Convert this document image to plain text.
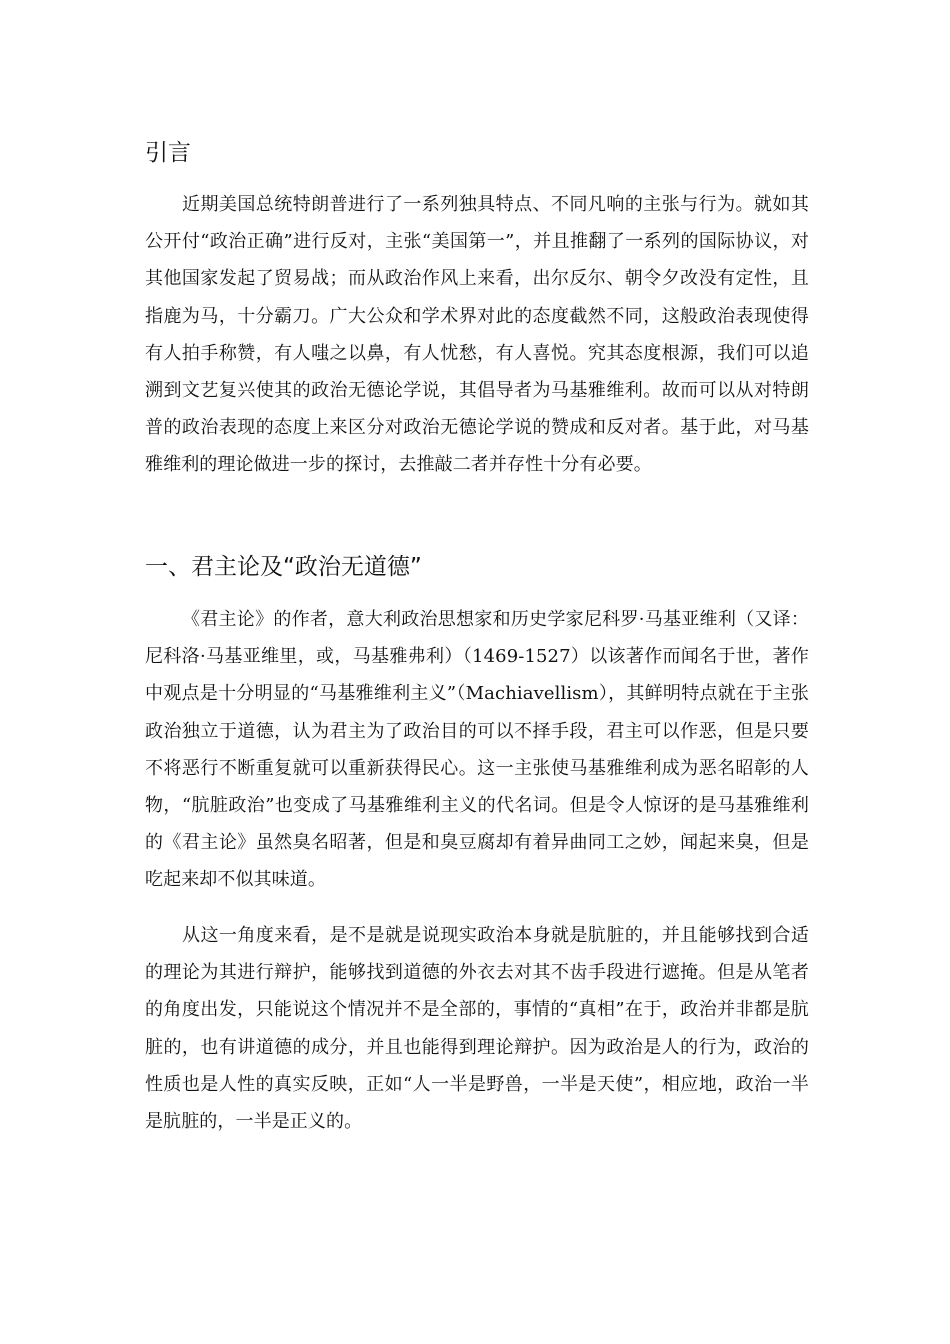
引言

近期美国总统特朗普进行了一系列独具特点、不同凡响的主张与行为。就如其公开付“政治正确”进行反对，主张“美国第一”，并且推翻了一系列的国际协议，对其他国家发起了贸易战；而从政治作风上来看，出尔反尔、朝令夕改没有定性，且指鹿为马，十分霸刀。广大公众和学术界对此的态度截然不同，这般政治表现使得有人拍手称赞，有人嗤之以鼻，有人忧愁，有人喜悦。究其态度根源，我们可以追溯到文艺复兴使其的政治无德论学说，其倡导者为马基雅维利。故而可以从对特朗普的政治表现的态度上来区分对政治无德论学说的赞成和反对者。基于此，对马基雅维利的理论做进一步的探讨，去推敲二者并存性十分有必要。

一、君主论及“政治无道德”

《君主论》的作者，意大利政治思想家和历史学家尼科罗·马基亚维利（又译：尼科洛·马基亚维里，或，马基雅弗利）（1469-1527）以该著作而闻名于世，著作中观点是十分明显的“马基雅维利主义”（Machiavellism），其鲜明特点就在于主张政治独立于道德，认为君主为了政治目的可以不择手段，君主可以作恶，但是只要不将恶行不断重复就可以重新获得民心。这一主张使马基雅维利成为恶名昭彰的人物，“肮脏政治”也变成了马基雅维利主义的代名词。但是令人惊讶的是马基雅维利的《君主论》虽然臭名昭著，但是和臭豆腐却有着异曲同工之妙，闻起来臭，但是吃起来却不似其味道。

从这一角度来看，是不是就是说现实政治本身就是肮脏的，并且能够找到合适的理论为其进行辩护，能够找到道德的外衣去对其不齿手段进行遮掩。但是从笔者的角度出发，只能说这个情况并不是全部的，事情的“真相”在于，政治并非都是肮脏的，也有讲道德的成分，并且也能得到理论辩护。因为政治是人的行为，政治的性质也是人性的真实反映，正如“人一半是野兽，一半是天使”，相应地，政治一半是肮脏的，一半是正义的。
